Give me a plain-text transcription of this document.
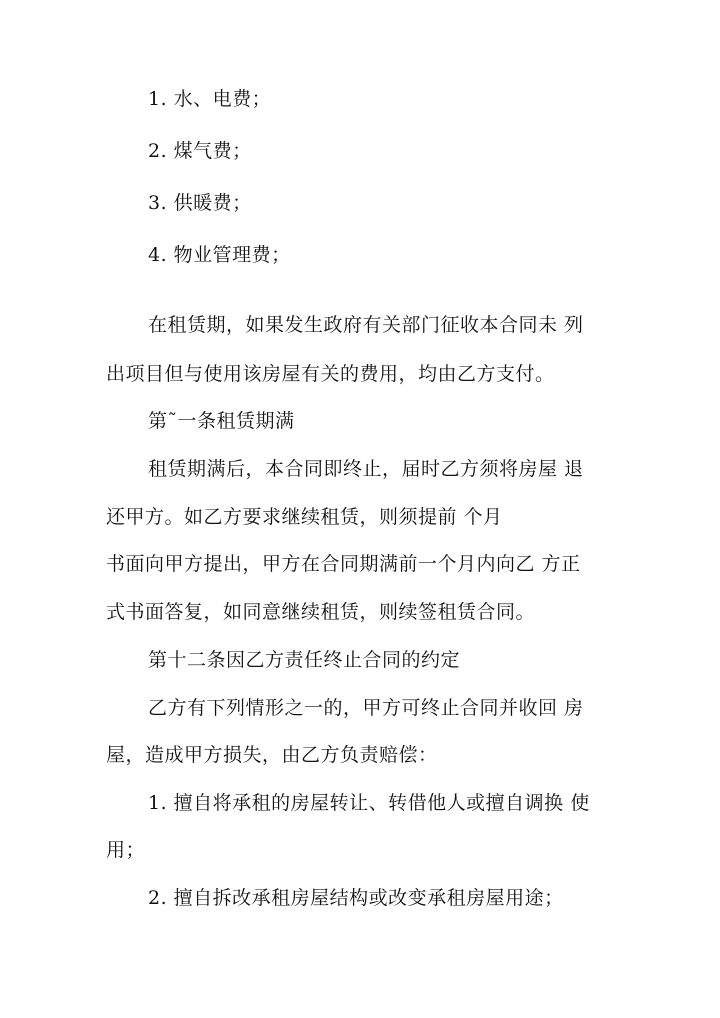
1. 水、电费；
2. 煤气费；
3. 供暖费；
4. 物业管理费；
在租赁期，如果发生政府有关部门征收本合同未 列
出项目但与使用该房屋有关的费用，均由乙方支付。
第˜一条租赁期满
租赁期满后，本合同即终止，届时乙方须将房屋 退
还甲方。如乙方要求继续租赁，则须提前 个月
书面向甲方提出，甲方在合同期满前一个月内向乙 方正
式书面答复，如同意继续租赁，则续签租赁合同。
第十二条因乙方责任终止合同的约定
乙方有下列情形之一的，甲方可终止合同并收回 房
屋，造成甲方损失，由乙方负责赔偿：
1. 擅自将承租的房屋转让、转借他人或擅自调换 使
用；
2. 擅自拆改承租房屋结构或改变承租房屋用途；
